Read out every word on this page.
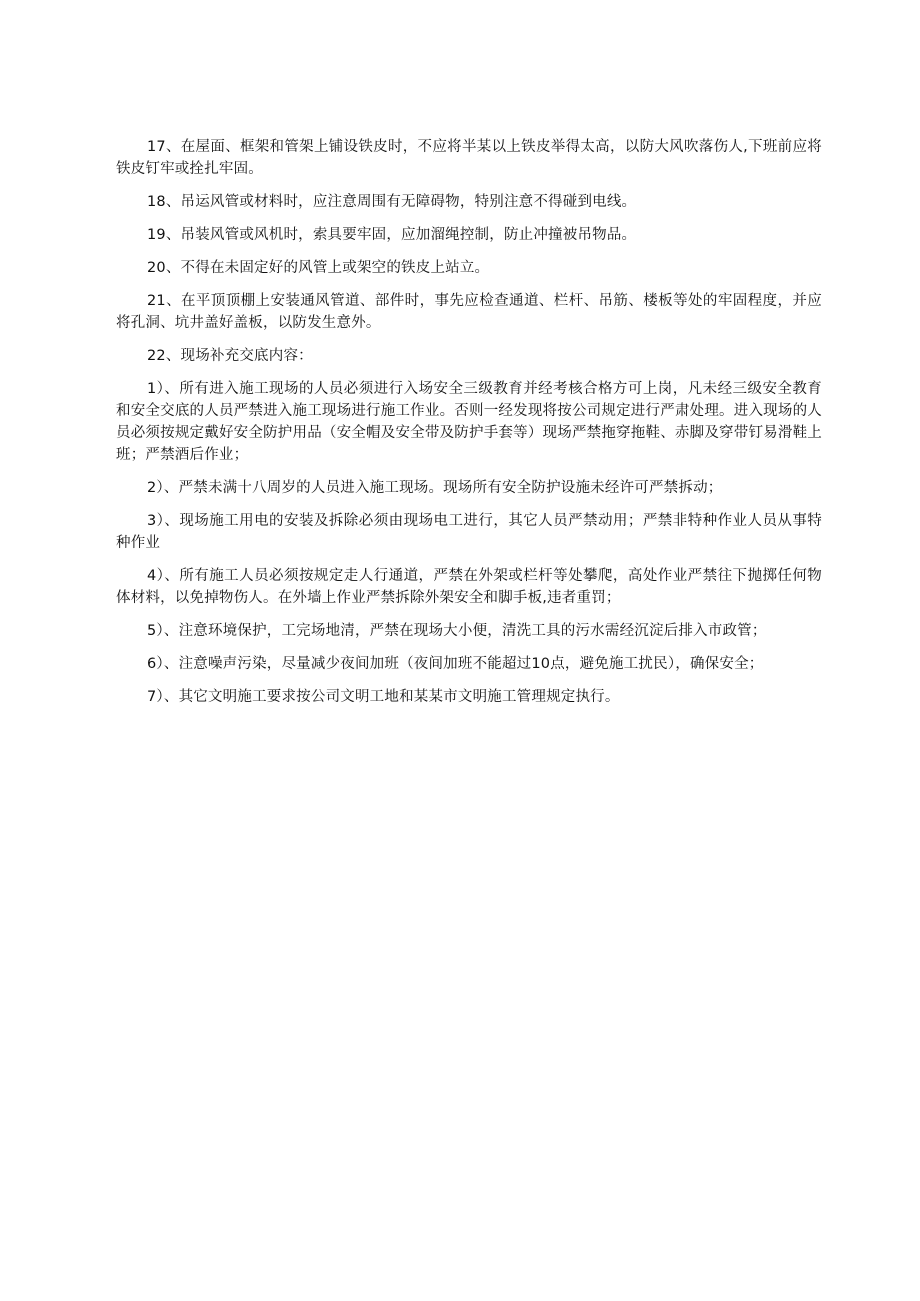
17、在屋面、框架和管架上铺设铁皮时，不应将半某以上铁皮举得太高，以防大风吹落伤人,下班前应将铁皮钉牢或拴扎牢固。

18、吊运风管或材料时，应注意周围有无障碍物，特别注意不得碰到电线。

19、吊装风管或风机时，索具要牢固，应加溜绳控制，防止冲撞被吊物品。

20、不得在未固定好的风管上或架空的铁皮上站立。

21、在平顶顶棚上安装通风管道、部件时，事先应检查通道、栏杆、吊筋、楼板等处的牢固程度，并应将孔洞、坑井盖好盖板，以防发生意外。

22、现场补充交底内容：

1）、所有进入施工现场的人员必须进行入场安全三级教育并经考核合格方可上岗，凡未经三级安全教育和安全交底的人员严禁进入施工现场进行施工作业。否则一经发现将按公司规定进行严肃处理。进入现场的人员必须按规定戴好安全防护用品（安全帽及安全带及防护手套等）现场严禁拖穿拖鞋、赤脚及穿带钉易滑鞋上班；严禁酒后作业；

2）、严禁未满十八周岁的人员进入施工现场。现场所有安全防护设施未经许可严禁拆动；

3）、现场施工用电的安装及拆除必须由现场电工进行，其它人员严禁动用；严禁非特种作业人员从事特种作业

4）、所有施工人员必须按规定走人行通道，严禁在外架或栏杆等处攀爬，高处作业严禁往下抛掷任何物体材料，以免掉物伤人。在外墙上作业严禁拆除外架安全和脚手板,违者重罚；

5）、注意环境保护，工完场地清，严禁在现场大小便，清洗工具的污水需经沉淀后排入市政管；

6）、注意噪声污染，尽量减少夜间加班（夜间加班不能超过10点，避免施工扰民），确保安全；

7）、其它文明施工要求按公司文明工地和某某市文明施工管理规定执行。
